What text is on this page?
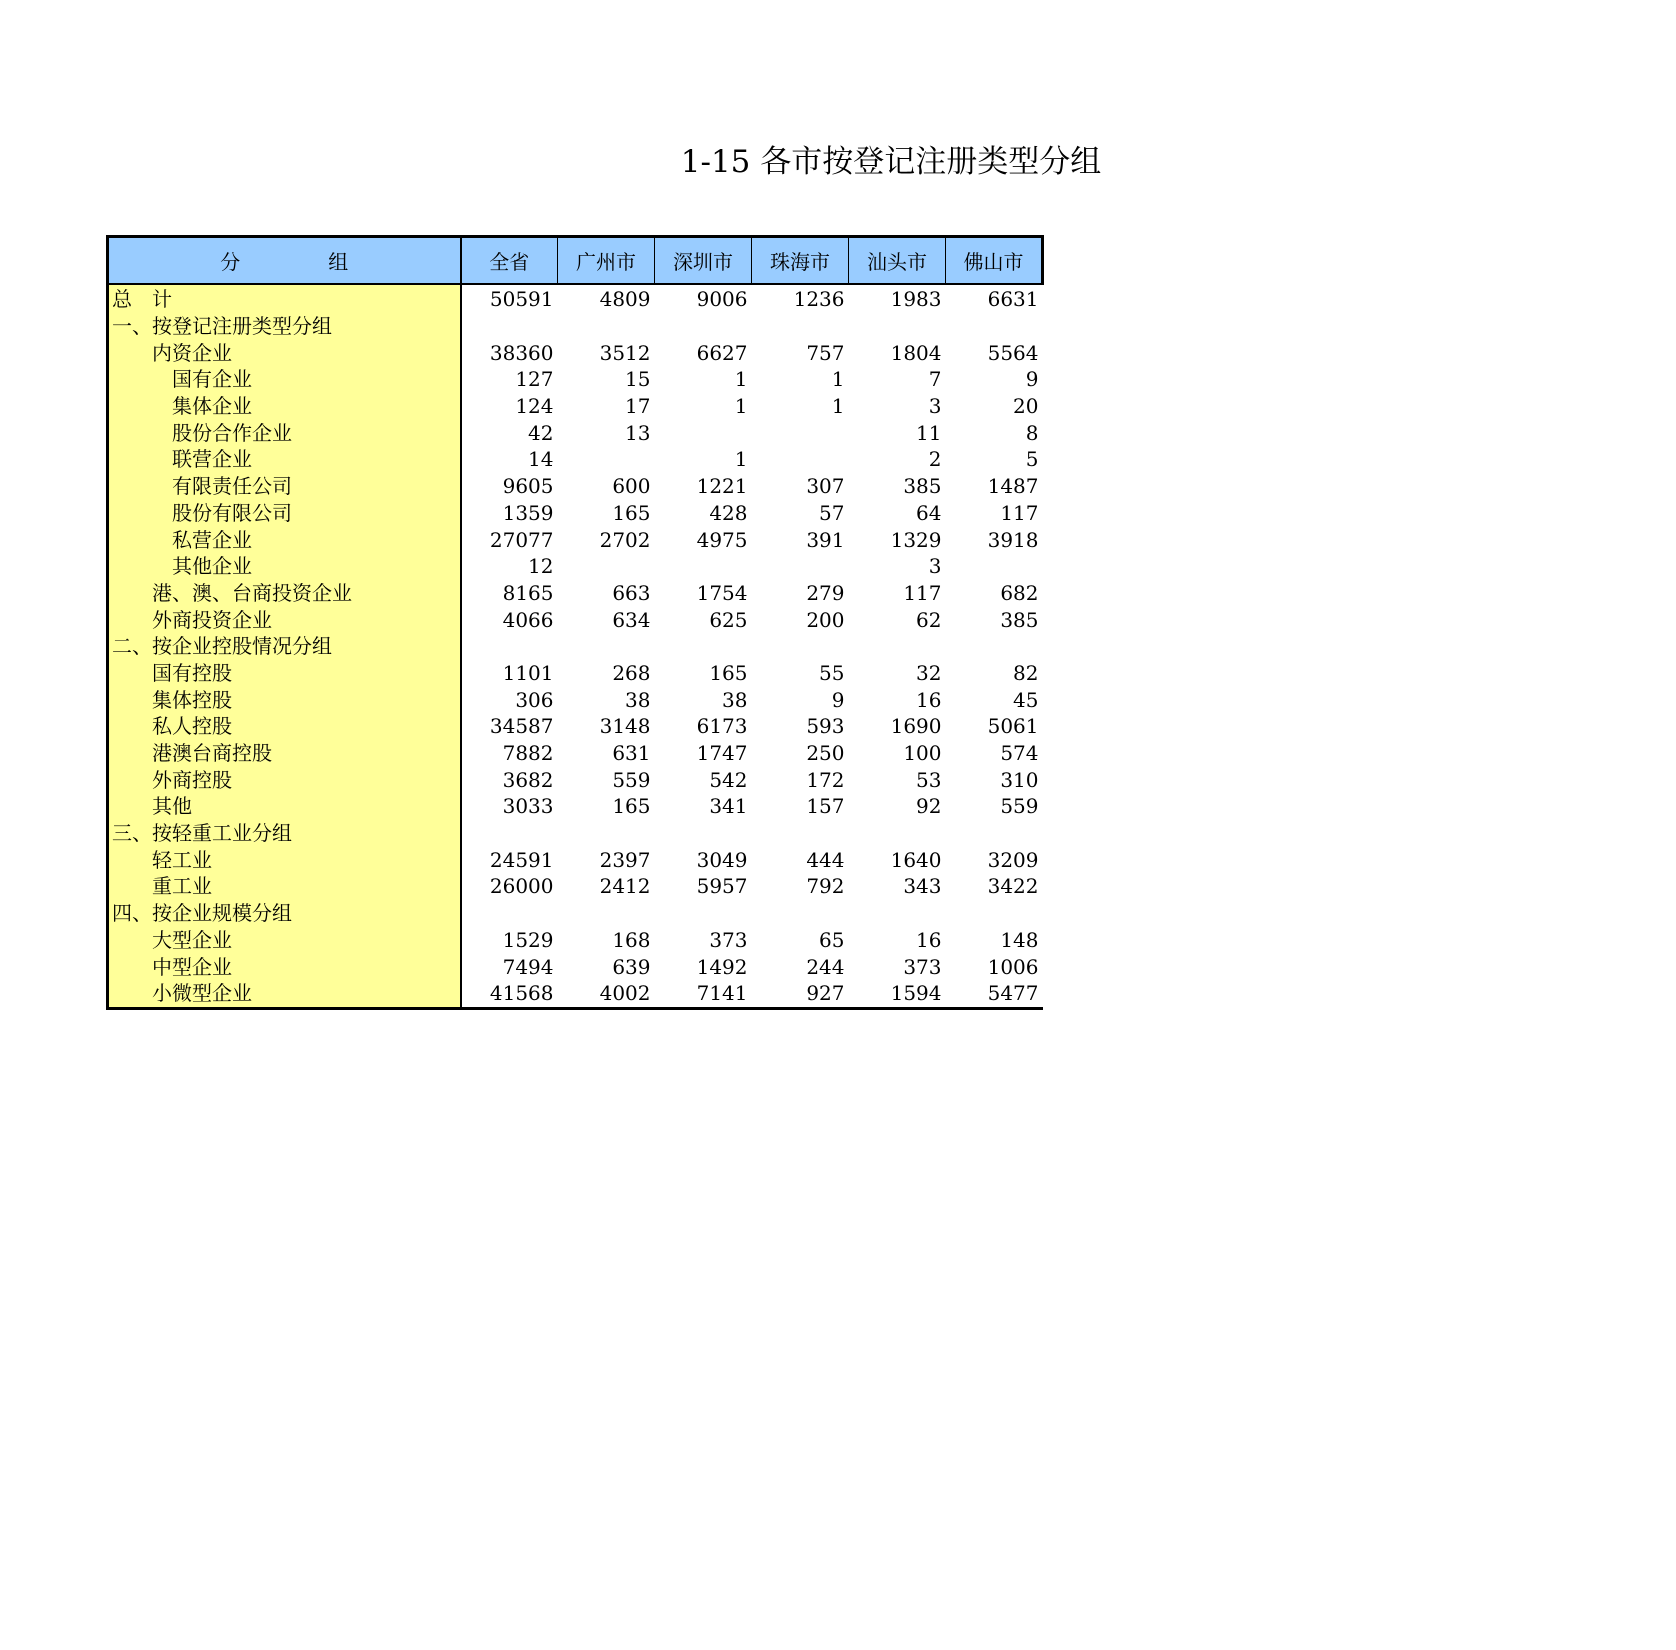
1-15 各市按登记注册类型分组
分 组	全省	广州市	深圳市	珠海市	汕头市	佛山市
总 计	50591	4809	9006	1236	1983	6631
一、按登记注册类型分组						
内资企业	38360	3512	6627	757	1804	5564
国有企业	127	15	1	1	7	9
集体企业	124	17	1	1	3	20
股份合作企业	42	13			11	8
联营企业	14		1		2	5
有限责任公司	9605	600	1221	307	385	1487
股份有限公司	1359	165	428	57	64	117
私营企业	27077	2702	4975	391	1329	3918
其他企业	12				3	
港、澳、台商投资企业	8165	663	1754	279	117	682
外商投资企业	4066	634	625	200	62	385
二、按企业控股情况分组						
国有控股	1101	268	165	55	32	82
集体控股	306	38	38	9	16	45
私人控股	34587	3148	6173	593	1690	5061
港澳台商控股	7882	631	1747	250	100	574
外商控股	3682	559	542	172	53	310
其他	3033	165	341	157	92	559
三、按轻重工业分组						
轻工业	24591	2397	3049	444	1640	3209
重工业	26000	2412	5957	792	343	3422
四、按企业规模分组						
大型企业	1529	168	373	65	16	148
中型企业	7494	639	1492	244	373	1006
小微型企业	41568	4002	7141	927	1594	5477
